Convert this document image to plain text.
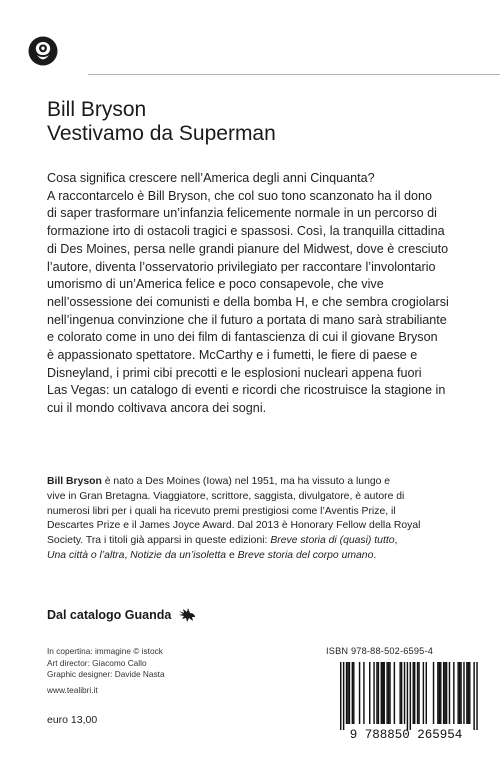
Bill Bryson
Vestivamo da Superman

Cosa significa crescere nell’America degli anni Cinquanta?

A raccontarcelo è Bill Bryson, che col suo tono scanzonato ha il dono

di saper trasformare un’infanzia felicemente normale in un percorso di

formazione irto di ostacoli tragici e spassosi. Così, la tranquilla cittadina

di Des Moines, persa nelle grandi pianure del Midwest, dove è cresciuto

l’autore, diventa l’osservatorio privilegiato per raccontare l’involontario

umorismo di un’America felice e poco consapevole, che vive

nell’ossessione dei comunisti e della bomba H, e che sembra crogiolarsi

nell’ingenua convinzione che il futuro a portata di mano sarà strabiliante

e colorato come in uno dei film di fantascienza di cui il giovane Bryson

è appassionato spettatore. McCarthy e i fumetti, le fiere di paese e

Disneyland, i primi cibi precotti e le esplosioni nucleari appena fuori

Las Vegas: un catalogo di eventi e ricordi che ricostruisce la stagione in

cui il mondo coltivava ancora dei sogni.

Bill Bryson è nato a Des Moines (Iowa) nel 1951, ma ha vissuto a lungo e
vive in Gran Bretagna. Viaggiatore, scrittore, saggista, divulgatore, è autore di
numerosi libri per i quali ha ricevuto premi prestigiosi come l’Aventis Prize, il
Descartes Prize e il James Joyce Award. Dal 2013 è Honorary Fellow della Royal
Society. Tra i titoli già apparsi in queste edizioni: Breve storia di (quasi) tutto,
Una città o l’altra, Notizie da un’isoletta e Breve storia del corpo umano.
Dal catalogo Guanda
In copertina: immagine © istock
Art director: Giacomo Callo
Graphic designer: Davide Nasta
www.tealibri.it
euro 13,00
ISBN 978-88-502-6595-4
9 788850 265954
